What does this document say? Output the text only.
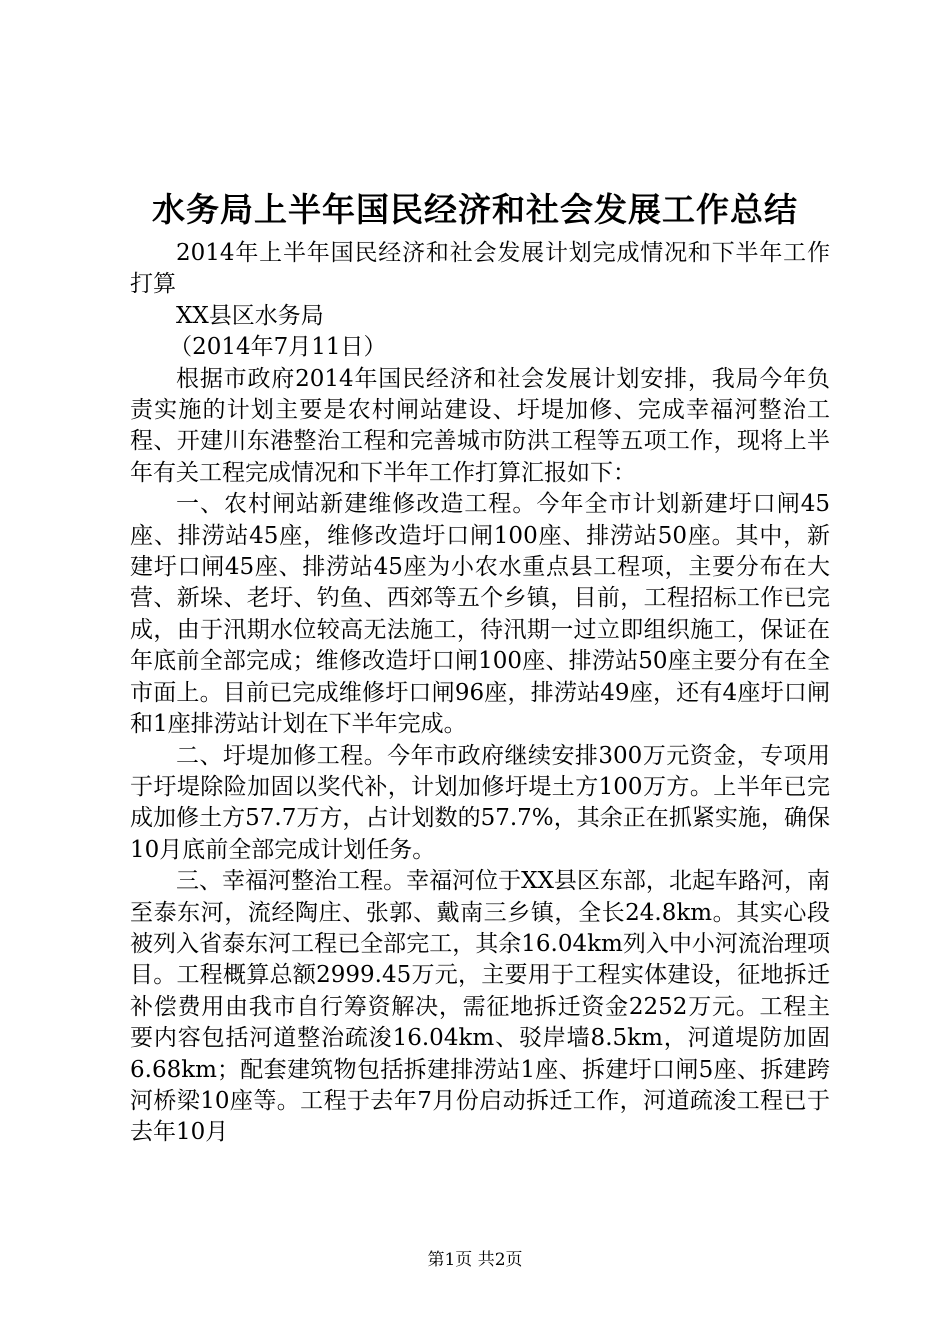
水务局上半年国民经济和社会发展工作总结

2014年上半年国民经济和社会发展计划完成情况和下半年工作打算

XX县区水务局

（2014年7月11日）

根据市政府2014年国民经济和社会发展计划安排，我局今年负责实施的计划主要是农村闸站建设、圩堤加修、完成幸福河整治工程、开建川东港整治工程和完善城市防洪工程等五项工作，现将上半年有关工程完成情况和下半年工作打算汇报如下：

一、农村闸站新建维修改造工程。今年全市计划新建圩口闸45座、排涝站45座，维修改造圩口闸100座、排涝站50座。其中，新建圩口闸45座、排涝站45座为小农水重点县工程项，主要分布在大营、新垛、老圩、钓鱼、西郊等五个乡镇，目前，工程招标工作已完成，由于汛期水位较高无法施工，待汛期一过立即组织施工，保证在年底前全部完成；维修改造圩口闸100座、排涝站50座主要分有在全市面上。目前已完成维修圩口闸96座，排涝站49座，还有4座圩口闸和1座排涝站计划在下半年完成。

二、圩堤加修工程。今年市政府继续安排300万元资金，专项用于圩堤除险加固以奖代补，计划加修圩堤土方100万方。上半年已完成加修土方57.7万方，占计划数的57.7%，其余正在抓紧实施，确保10月底前全部完成计划任务。

三、幸福河整治工程。幸福河位于XX县区东部，北起车路河，南至泰东河，流经陶庄、张郭、戴南三乡镇，全长24.8km。其实心段被列入省泰东河工程已全部完工，其余16.04km列入中小河流治理项目。工程概算总额2999.45万元，主要用于工程实体建设，征地拆迁补偿费用由我市自行筹资解决，需征地拆迁资金2252万元。工程主要内容包括河道整治疏浚16.04km、驳岸墙8.5km，河道堤防加固6.68km；配套建筑物包括拆建排涝站1座、拆建圩口闸5座、拆建跨河桥梁10座等。工程于去年7月份启动拆迁工作，河道疏浚工程已于去年10月

第1页 共2页
